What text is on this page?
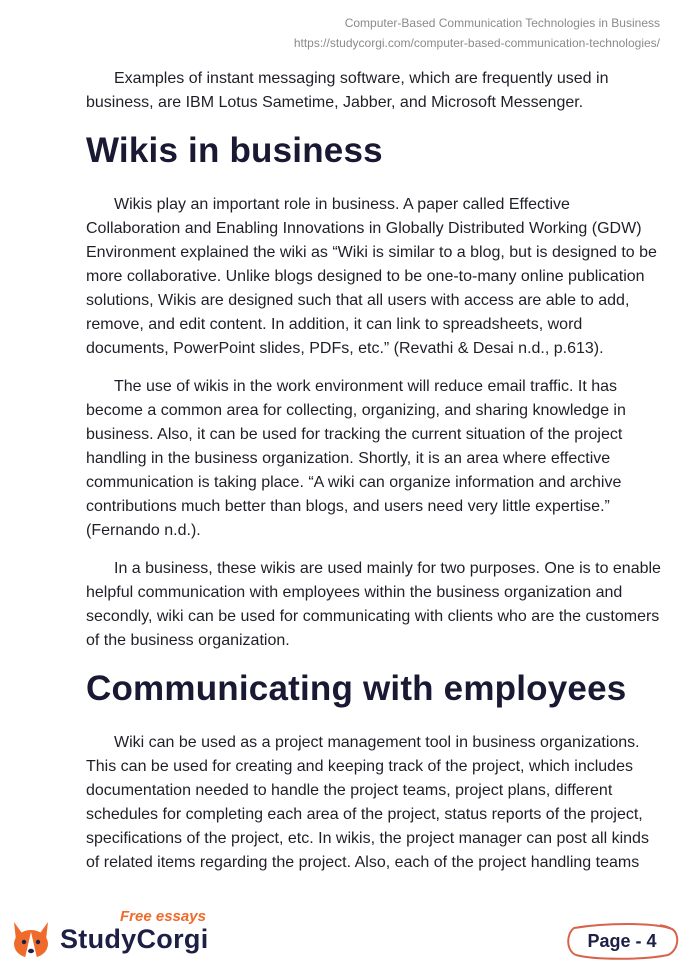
Computer-Based Communication Technologies in Business
https://studycorgi.com/computer-based-communication-technologies/

Examples of instant messaging software, which are frequently used in business, are IBM Lotus Sametime, Jabber, and Microsoft Messenger.

Wikis in business

Wikis play an important role in business. A paper called Effective Collaboration and Enabling Innovations in Globally Distributed Working (GDW) Environment explained the wiki as “Wiki is similar to a blog, but is designed to be more collaborative. Unlike blogs designed to be one-to-many online publication solutions, Wikis are designed such that all users with access are able to add, remove, and edit content. In addition, it can link to spreadsheets, word documents, PowerPoint slides, PDFs, etc.” (Revathi & Desai n.d., p.613).

The use of wikis in the work environment will reduce email traffic. It has become a common area for collecting, organizing, and sharing knowledge in business. Also, it can be used for tracking the current situation of the project handling in the business organization. Shortly, it is an area where effective communication is taking place. “A wiki can organize information and archive contributions much better than blogs, and users need very little expertise.” (Fernando n.d.).

In a business, these wikis are used mainly for two purposes. One is to enable helpful communication with employees within the business organization and secondly, wiki can be used for communicating with clients who are the customers of the business organization.

Communicating with employees

Wiki can be used as a project management tool in business organizations. This can be used for creating and keeping track of the project, which includes documentation needed to handle the project teams, project plans, different schedules for completing each area of the project, status reports of the project, specifications of the project, etc. In wikis, the project manager can post all kinds of related items regarding the project. Also, each of the project handling teams

Free essays
StudyCorgi	Page - 4
